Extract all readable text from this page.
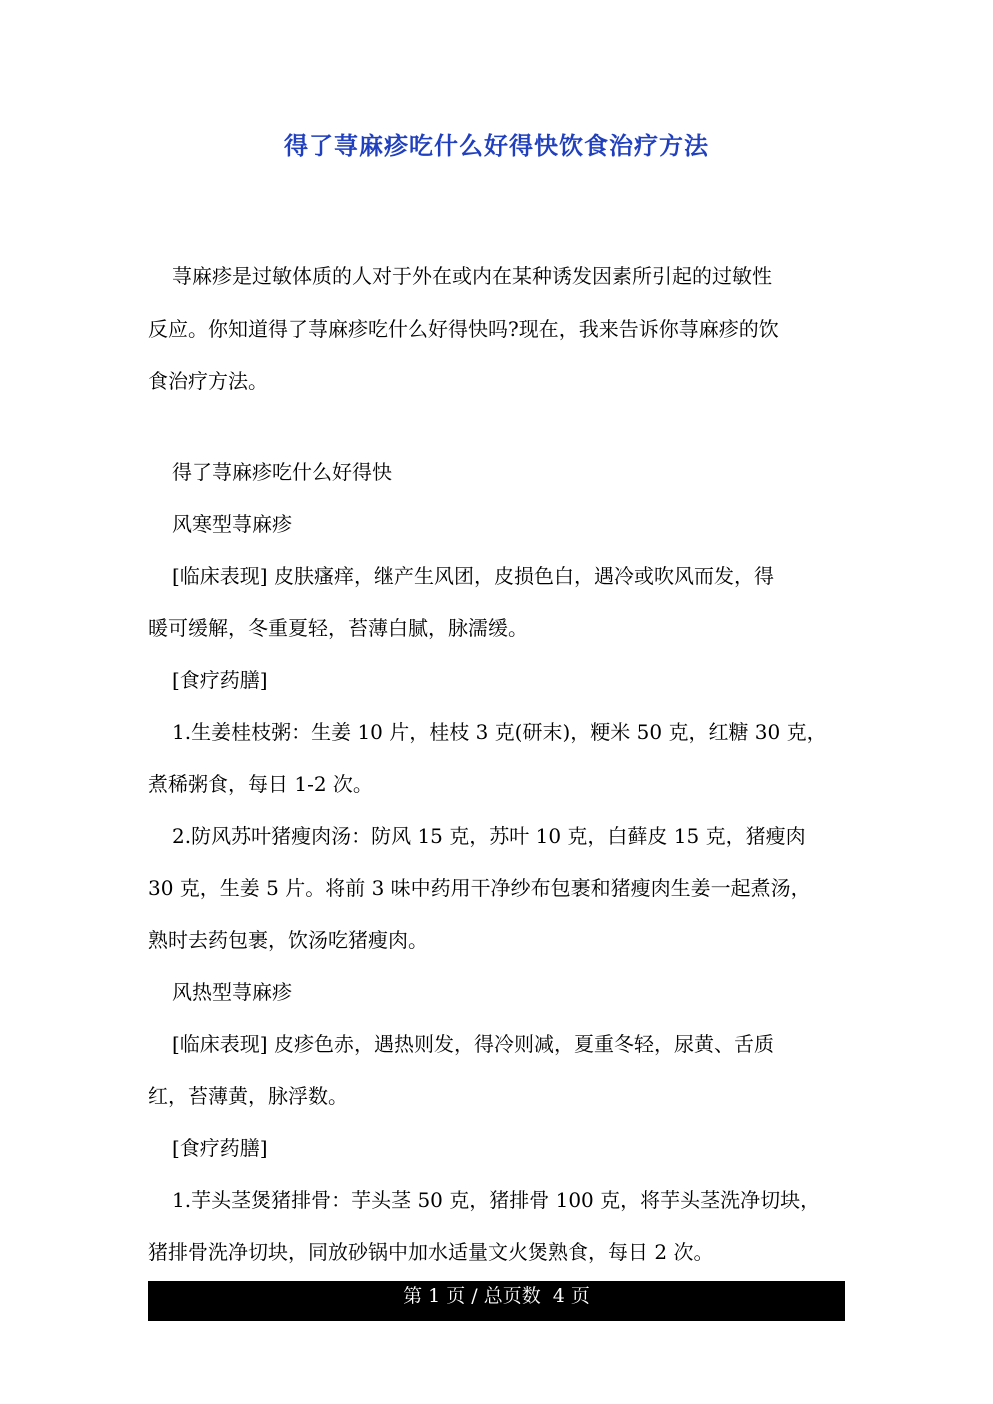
得了荨麻疹吃什么好得快饮食治疗方法

荨麻疹是过敏体质的人对于外在或内在某种诱发因素所引起的过敏性

反应。你知道得了荨麻疹吃什么好得快吗?现在，我来告诉你荨麻疹的饮

食治疗方法。

得了荨麻疹吃什么好得快

风寒型荨麻疹

[临床表现] 皮肤瘙痒，继产生风团，皮损色白，遇冷或吹风而发，得

暖可缓解，冬重夏轻，苔薄白腻，脉濡缓。

[食疗药膳]

1.生姜桂枝粥：生姜 10 片，桂枝 3 克(研末)，粳米 50 克，红糖 30 克，

煮稀粥食，每日 1-2 次。

2.防风苏叶猪瘦肉汤：防风 15 克，苏叶 10 克，白藓皮 15 克，猪瘦肉

30 克，生姜 5 片。将前 3 味中药用干净纱布包裹和猪瘦肉生姜一起煮汤，

熟时去药包裹，饮汤吃猪瘦肉。

风热型荨麻疹

[临床表现] 皮疹色赤，遇热则发，得冷则减，夏重冬轻，尿黄、舌质

红，苔薄黄，脉浮数。

[食疗药膳]

1.芋头茎煲猪排骨：芋头茎 50 克，猪排骨 100 克，将芋头茎洗净切块，

猪排骨洗净切块，同放砂锅中加水适量文火煲熟食，每日 2 次。

第 1 页 / 总页数  4 页
